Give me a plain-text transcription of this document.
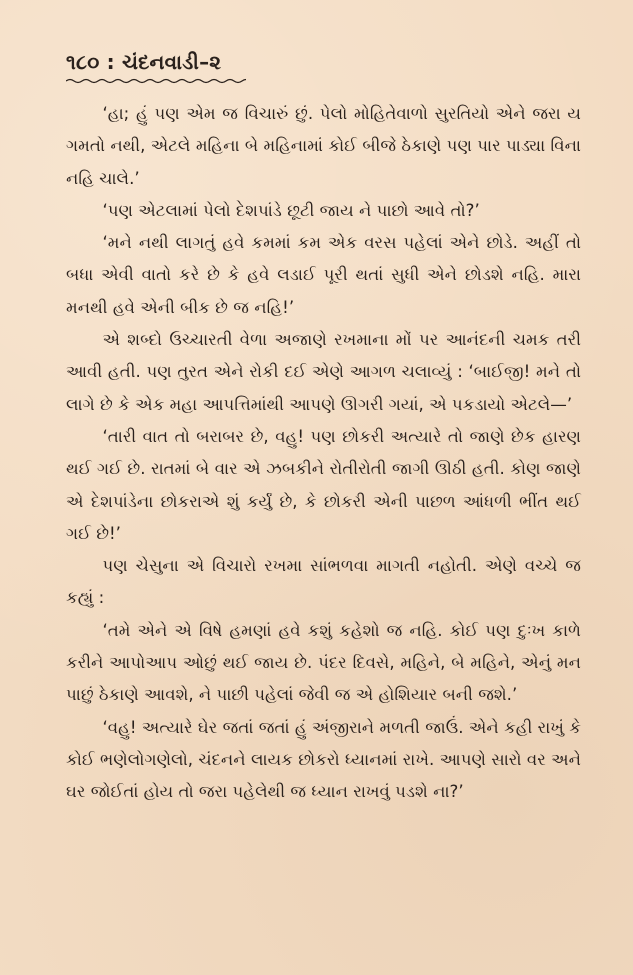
૧૮૦ : ચંદનવાડી–૨

‘હા; હું પણ એમ જ વિચારું છું. પેલો મોહિતેવાળો સુરતિયો એને જરા ય ગમતો નથી, એટલે મહિના બે મહિનામાં કોઈ બીજે ઠેકાણે પણ પાર પાડ્યા વિના નહિ ચાલે.’

‘પણ એટલામાં પેલો દેશપાંડે છૂટી જાય ને પાછો આવે તો?’

‘મને નથી લાગતું હવે કમમાં કમ એક વરસ પહેલાં એને છોડે. અહીં તો બધા એવી વાતો કરે છે કે હવે લડાઈ પૂરી થતાં સુધી એને છોડશે નહિ. મારા મનથી હવે એની બીક છે જ નહિ!’

એ શબ્દો ઉચ્ચારતી વેળા અજાણે રખમાના મોં પર આનંદની ચમક તરી આવી હતી. પણ તુરત એને રોકી દઈ એણે આગળ ચલાવ્યું : ‘બાઈજી! મને તો લાગે છે કે એક મહા આપત્તિમાંથી આપણે ઊગરી ગયાં, એ પકડાયો એટલે—’

‘તારી વાત તો બરાબર છે, વહુ! પણ છોકરી અત્યારે તો જાણે છેક હારણ થઈ ગઈ છે. રાતમાં બે વાર એ ઝબકીને રોતીરોતી જાગી ઊઠી હતી. કોણ જાણે એ દેશપાંડેના છોકરાએ શું કર્યું છે, કે છોકરી એની પાછળ આંધળી ભીંત થઈ ગઈ છે!’

પણ ચેસુના એ વિચારો રખમા સાંભળવા માગતી નહોતી. એણે વચ્ચે જ કહ્યું :

‘તમે એને એ વિષે હમણાં હવે કશું કહેશો જ નહિ. કોઈ પણ દુઃખ કાળે કરીને આપોઆપ ઓછું થઈ જાય છે. પંદર દિવસે, મહિને, બે મહિને, એનું મન પાછું ઠેકાણે આવશે, ને પાછી પહેલાં જેવી જ એ હોશિયાર બની જશે.’

‘વહુ! અત્યારે ઘેર જતાં જતાં હું અંજીરાને મળતી જાઉં. એને કહી રાખું કે કોઈ ભણેલોગણેલો, ચંદનને લાયક છોકરો ધ્યાનમાં રાખે. આપણે સારો વર અને ઘર જોઈતાં હોય તો જરા પહેલેથી જ ધ્યાન રાખવું પડશે ના?’
